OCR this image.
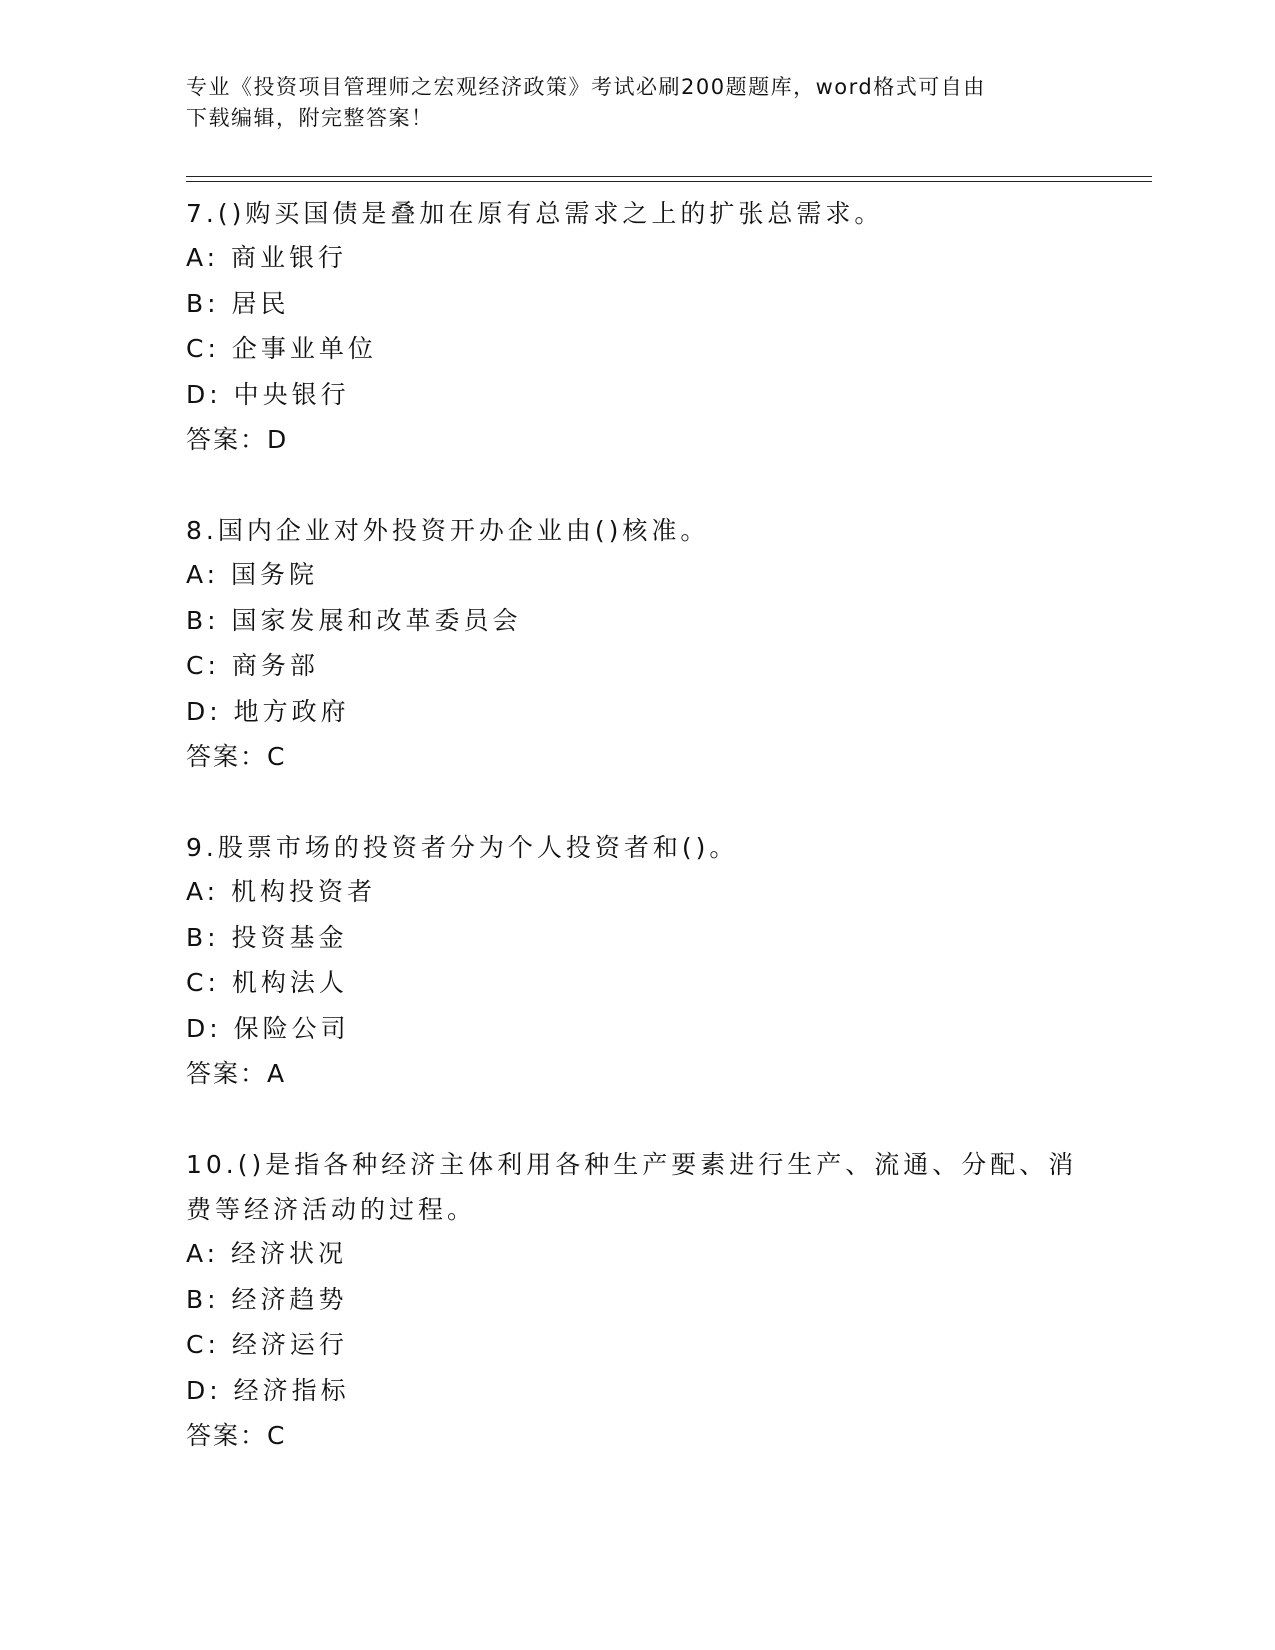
专业《投资项目管理师之宏观经济政策》考试必刷200题题库，word格式可自由
下载编辑，附完整答案！
7.()购买国债是叠加在原有总需求之上的扩张总需求。
A: 商业银行
B: 居民
C: 企事业单位
D: 中央银行
答案：D
8.国内企业对外投资开办企业由()核准。
A: 国务院
B: 国家发展和改革委员会
C: 商务部
D: 地方政府
答案：C
9.股票市场的投资者分为个人投资者和()。
A: 机构投资者
B: 投资基金
C: 机构法人
D: 保险公司
答案：A
10.()是指各种经济主体利用各种生产要素进行生产、流通、分配、消
费等经济活动的过程。
A: 经济状况
B: 经济趋势
C: 经济运行
D: 经济指标
答案：C
